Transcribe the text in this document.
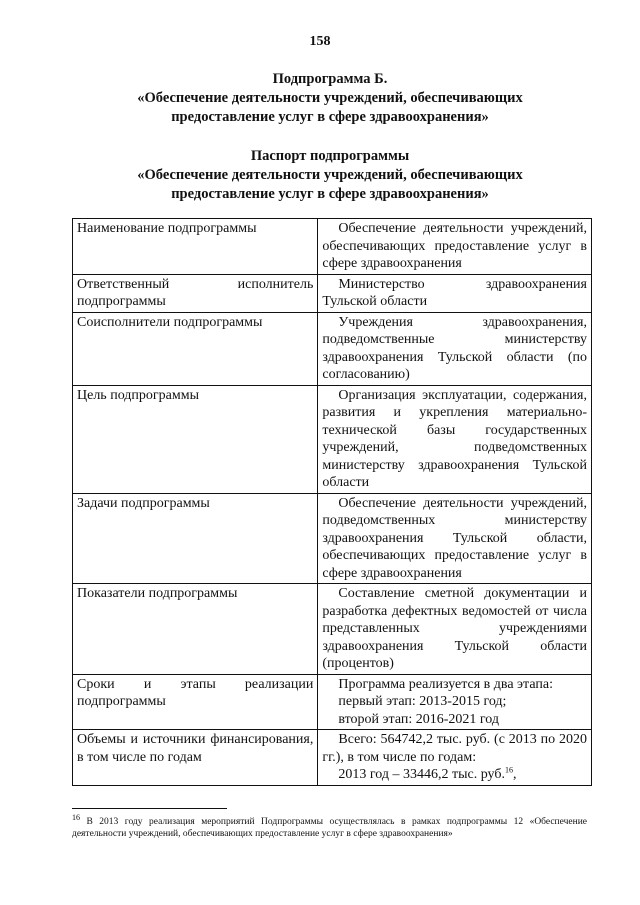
158
Подпрограмма Б.
«Обеспечение деятельности учреждений, обеспечивающих
предоставление услуг в сфере здравоохранения»
Паспорт подпрограммы
«Обеспечение деятельности учреждений, обеспечивающих
предоставление услуг в сфере здравоохранения»
Наименование подпрограммы	Обеспечение деятельности учреждений, обеспечивающих предоставление услуг в сфере здравоохранения
Ответственный исполнитель подпрограммы	Министерство здравоохранения Тульской области
Соисполнители подпрограммы	Учреждения здравоохранения, подведомственные министерству здравоохранения Тульской области (по согласованию)
Цель подпрограммы	Организация эксплуатации, содержания, развития и укрепления материально-технической базы государственных учреждений, подведомственных министерству здравоохранения Тульской области
Задачи подпрограммы	Обеспечение деятельности учреждений, подведомственных министерству здравоохранения Тульской области, обеспечивающих предоставление услуг в сфере здравоохранения
Показатели подпрограммы	Составление сметной документации и разработка дефектных ведомостей от числа представленных учреждениями здравоохранения Тульской области (процентов)
Сроки и этапы реализации подпрограммы	Программа реализуется в два этапа:
первый этап: 2013-2015 год;
второй этап: 2016-2021 год

Объемы и источники финансирования, в том числе по годам	Всего: 564742,2 тыс. руб. (с 2013 по 2020 гг.), в том числе по годам:
2013 год – 33446,2 тыс. руб.$^{16}$,
$^{16}$ В 2013 году реализация мероприятий Подпрограммы осуществлялась в рамках подпрограммы 12 «Обеспечение деятельности учреждений, обеспечивающих предоставление услуг в сфере здравоохранения»
